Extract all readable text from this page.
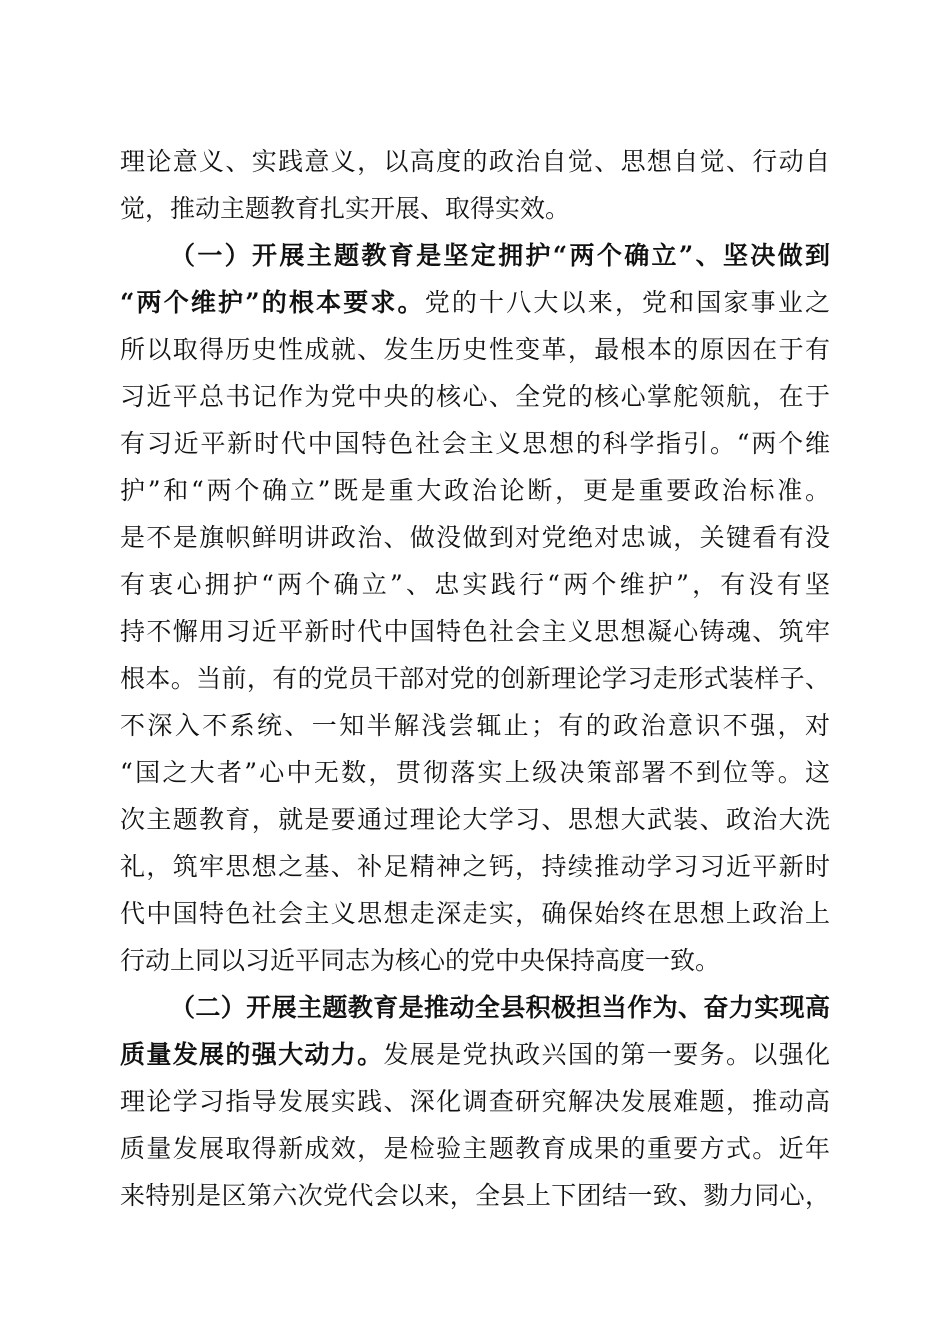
理论意义、实践意义，以高度的政治自觉、思想自觉、行动自
觉，推动主题教育扎实开展、取得实效。
（一）开展主题教育是坚定拥护“两个确立”、坚决做到
“两个维护”的根本要求。党的十八大以来，党和国家事业之
所以取得历史性成就、发生历史性变革，最根本的原因在于有
习近平总书记作为党中央的核心、全党的核心掌舵领航，在于
有习近平新时代中国特色社会主义思想的科学指引。“两个维
护”和“两个确立”既是重大政治论断，更是重要政治标准。
是不是旗帜鲜明讲政治、做没做到对党绝对忠诚，关键看有没
有衷心拥护“两个确立”、忠实践行“两个维护”，有没有坚
持不懈用习近平新时代中国特色社会主义思想凝心铸魂、筑牢
根本。当前，有的党员干部对党的创新理论学习走形式装样子、
不深入不系统、一知半解浅尝辄止；有的政治意识不强，对
“国之大者”心中无数，贯彻落实上级决策部署不到位等。这
次主题教育，就是要通过理论大学习、思想大武装、政治大洗
礼，筑牢思想之基、补足精神之钙，持续推动学习习近平新时
代中国特色社会主义思想走深走实，确保始终在思想上政治上
行动上同以习近平同志为核心的党中央保持高度一致。
（二）开展主题教育是推动全县积极担当作为、奋力实现高
质量发展的强大动力。发展是党执政兴国的第一要务。以强化
理论学习指导发展实践、深化调查研究解决发展难题，推动高
质量发展取得新成效，是检验主题教育成果的重要方式。近年
来特别是区第六次党代会以来，全县上下团结一致、勠力同心，
